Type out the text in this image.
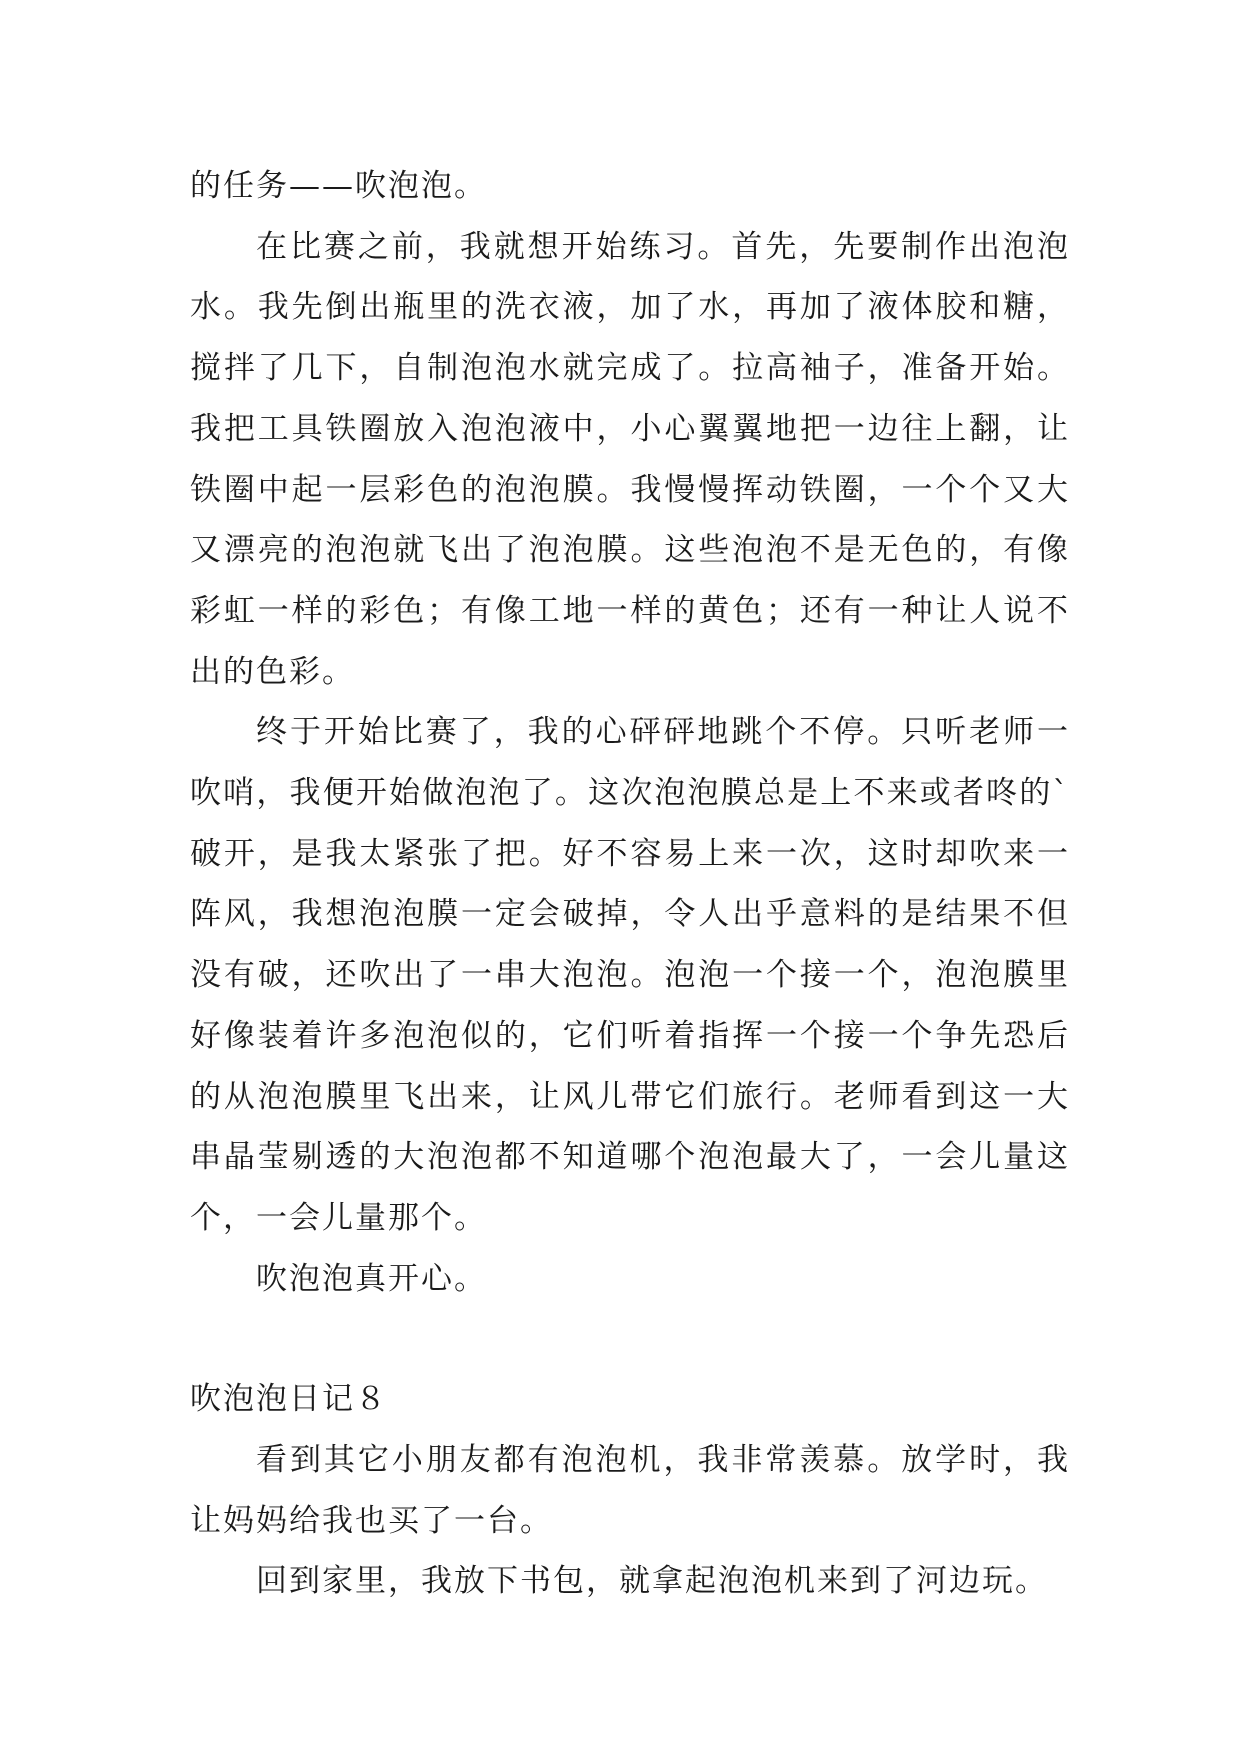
的任务——吹泡泡。

在比赛之前，我就想开始练习。首先，先要制作出泡泡水。我先倒出瓶里的洗衣液，加了水，再加了液体胶和糖，搅拌了几下，自制泡泡水就完成了。拉高袖子，准备开始。我把工具铁圈放入泡泡液中，小心翼翼地把一边往上翻，让铁圈中起一层彩色的泡泡膜。我慢慢挥动铁圈，一个个又大又漂亮的泡泡就飞出了泡泡膜。这些泡泡不是无色的，有像彩虹一样的彩色；有像工地一样的黄色；还有一种让人说不出的色彩。

终于开始比赛了，我的心砰砰地跳个不停。只听老师一吹哨，我便开始做泡泡了。这次泡泡膜总是上不来或者咚的`破开，是我太紧张了把。好不容易上来一次，这时却吹来一阵风，我想泡泡膜一定会破掉，令人出乎意料的是结果不但没有破，还吹出了一串大泡泡。泡泡一个接一个，泡泡膜里好像装着许多泡泡似的，它们听着指挥一个接一个争先恐后的从泡泡膜里飞出来，让风儿带它们旅行。老师看到这一大串晶莹剔透的大泡泡都不知道哪个泡泡最大了，一会儿量这个，一会儿量那个。

吹泡泡真开心。

吹泡泡日记８

看到其它小朋友都有泡泡机，我非常羡慕。放学时，我让妈妈给我也买了一台。

回到家里，我放下书包，就拿起泡泡机来到了河边玩。
